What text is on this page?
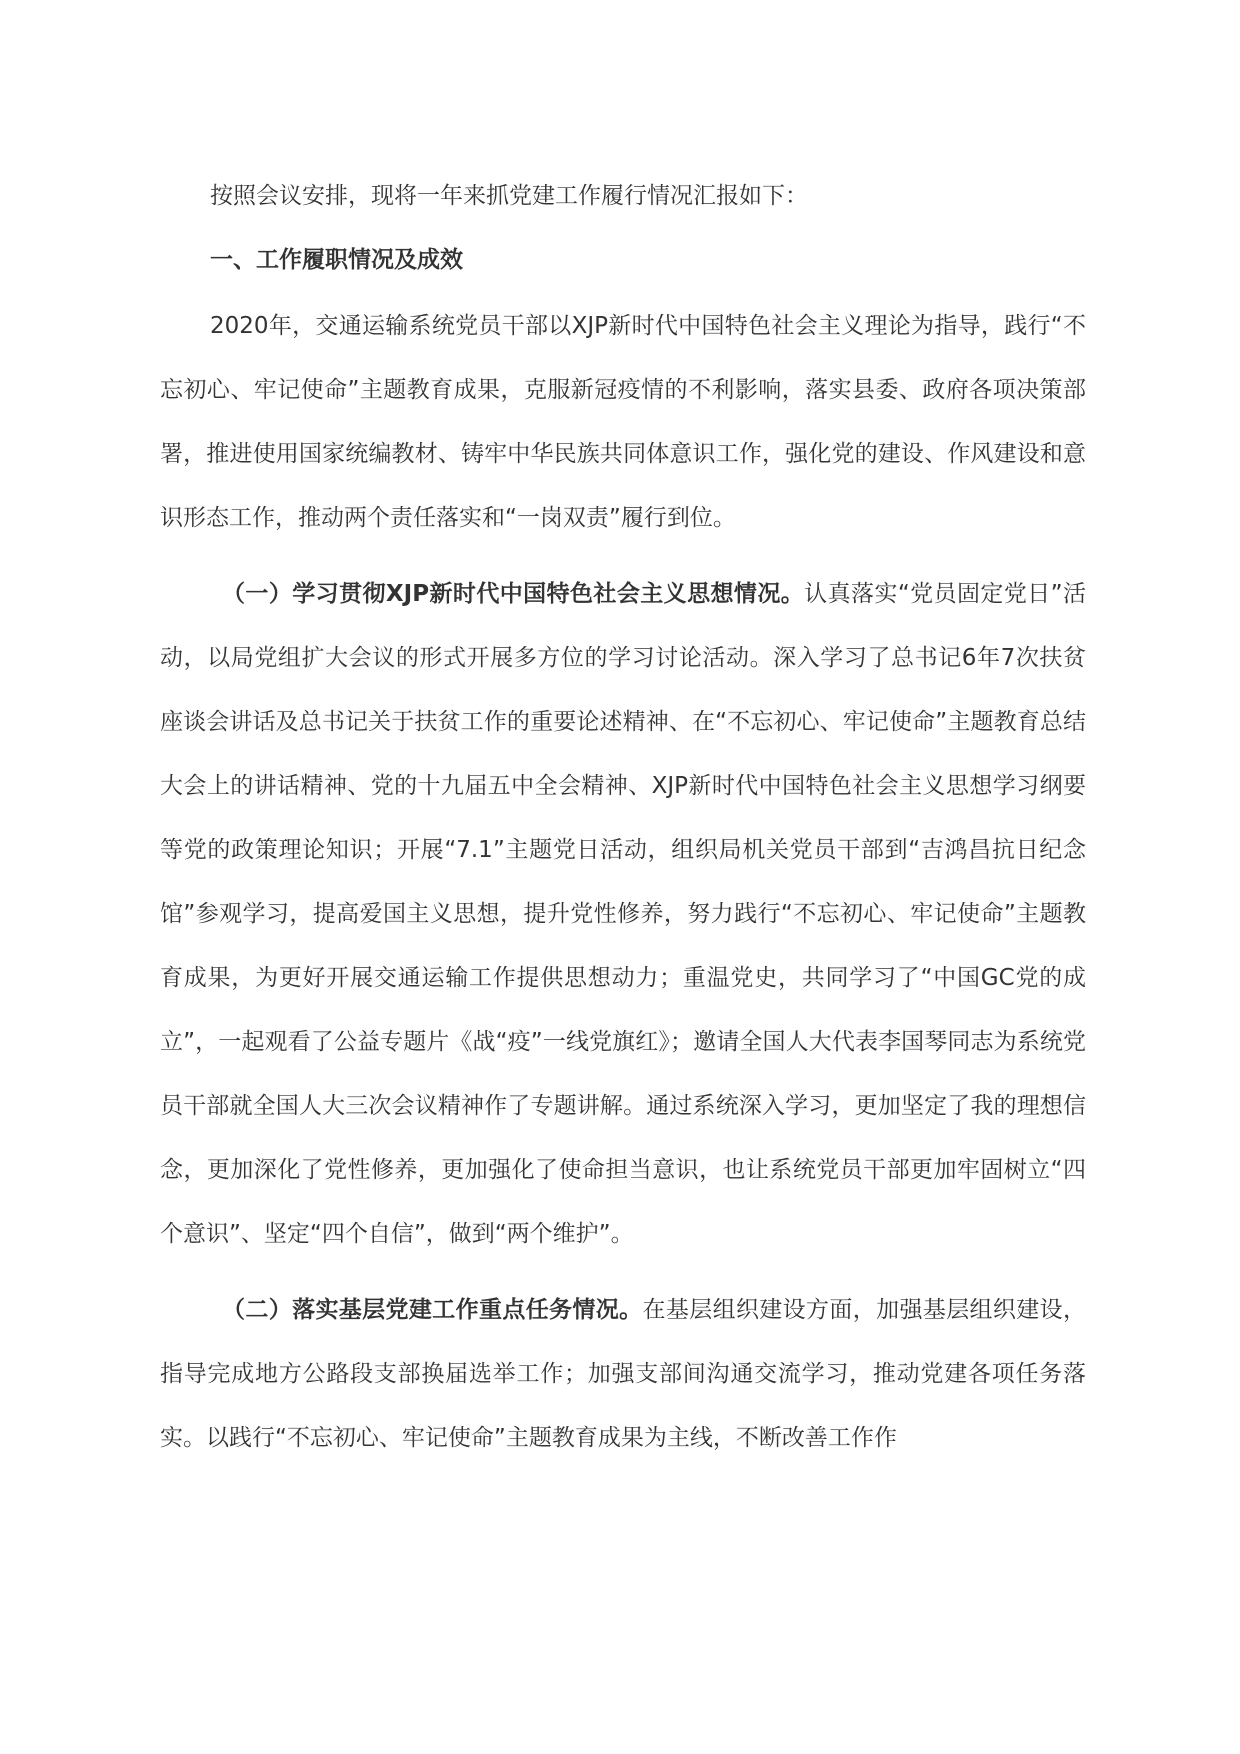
按照会议安排，现将一年来抓党建工作履行情况汇报如下：

一、工作履职情况及成效

2020年，交通运输系统党员干部以XJP新时代中国特色社会主义理论为指导，践行“不忘初心、牢记使命”主题教育成果，克服新冠疫情的不利影响，落实县委、政府各项决策部署，推进使用国家统编教材、铸牢中华民族共同体意识工作，强化党的建设、作风建设和意识形态工作，推动两个责任落实和“一岗双责”履行到位。

（一）学习贯彻XJP新时代中国特色社会主义思想情况。认真落实“党员固定党日”活动，以局党组扩大会议的形式开展多方位的学习讨论活动。深入学习了总书记6年7次扶贫座谈会讲话及总书记关于扶贫工作的重要论述精神、在“不忘初心、牢记使命”主题教育总结大会上的讲话精神、党的十九届五中全会精神、XJP新时代中国特色社会主义思想学习纲要等党的政策理论知识；开展“7.1”主题党日活动，组织局机关党员干部到“吉鸿昌抗日纪念馆”参观学习，提高爱国主义思想，提升党性修养，努力践行“不忘初心、牢记使命”主题教育成果，为更好开展交通运输工作提供思想动力；重温党史，共同学习了“中国GC党的成立”，一起观看了公益专题片《战“疫”一线党旗红》；邀请全国人大代表李国琴同志为系统党员干部就全国人大三次会议精神作了专题讲解。通过系统深入学习，更加坚定了我的理想信念，更加深化了党性修养，更加强化了使命担当意识，也让系统党员干部更加牢固树立“四个意识”、坚定“四个自信”，做到“两个维护”。

（二）落实基层党建工作重点任务情况。在基层组织建设方面，加强基层组织建设，指导完成地方公路段支部换届选举工作；加强支部间沟通交流学习，推动党建各项任务落实。以践行“不忘初心、牢记使命”主题教育成果为主线，不断改善工作作
